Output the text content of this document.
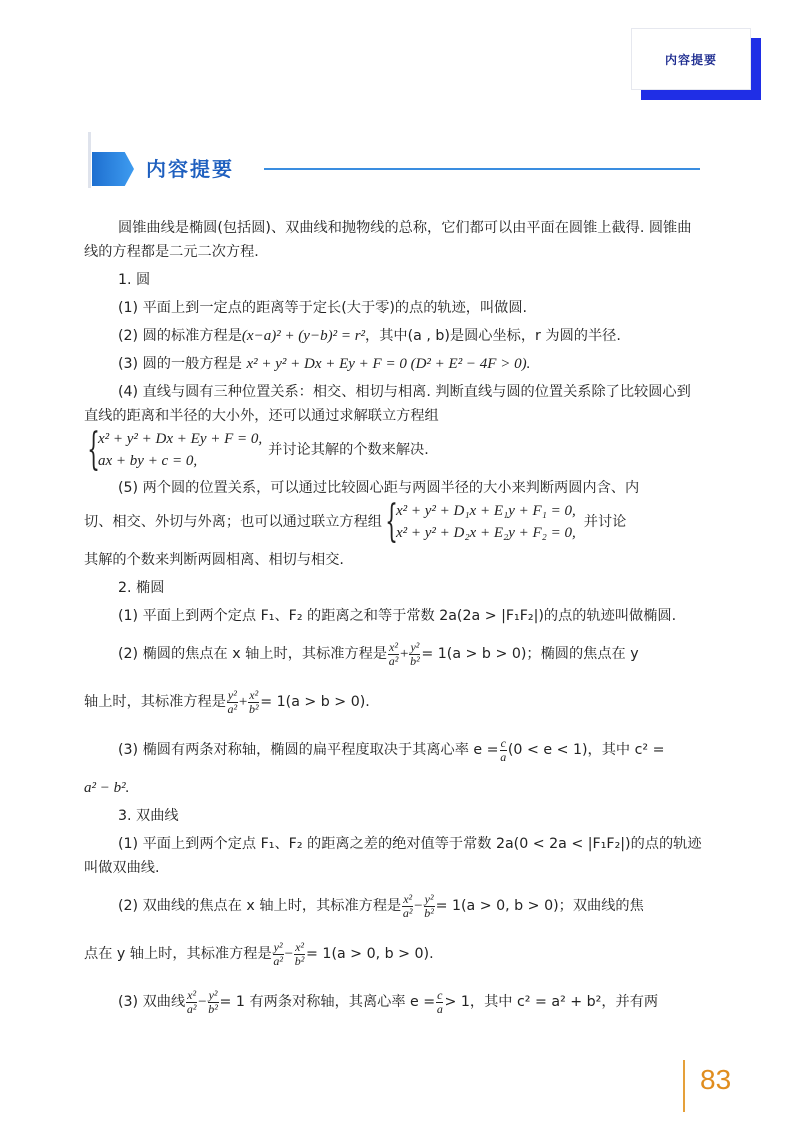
内容提要
内容提要

圆锥曲线是椭圆(包括圆)、双曲线和抛物线的总称，它们都可以由平面在圆锥上截得. 圆锥曲线的方程都是二元二次方程.

1. 圆

(1) 平面上到一定点的距离等于定长(大于零)的点的轨迹，叫做圆.

(2) 圆的标准方程是(x−a)² + (y−b)² = r²，其中(a , b)是圆心坐标，r 为圆的半径.

(3) 圆的一般方程是 x² + y² + Dx + Ey + F = 0 (D² + E² − 4F > 0).

(4) 直线与圆有三种位置关系：相交、相切与相离. 判断直线与圆的位置关系除了比较圆心到直线的距离和半径的大小外，还可以通过求解联立方程组

{
x² + y² + Dx + Ey + F = 0,
ax + by + c = 0,
并讨论其解的个数来解决.

(5) 两个圆的位置关系，可以通过比较圆心距与两圆半径的大小来判断两圆内含、内

切、相交、外切与外离；也可以通过联立方程组 {
x² + y² + D₁x + E₁y + F₁ = 0,
x² + y² + D₂x + E₂y + F₂ = 0,
并讨论

其解的个数来判断两圆相离、相切与相交.

2. 椭圆

(1) 平面上到两个定点 F₁、F₂ 的距离之和等于常数 2a(2a > |F₁F₂|)的点的轨迹叫做椭圆.

(2) 椭圆的焦点在 x 轴上时，其标准方程是 $\frac{\text{x²}}{\text{a²}} + \frac{\text{y²}}{\text{b²}} = 1(a > b > 0)$；椭圆的焦点在 y
轴上时，其标准方程是 $\frac{\text{y²}}{\text{a²}} + \frac{\text{x²}}{\text{b²}} = 1(a > b > 0)$.
(3) 椭圆有两条对称轴，椭圆的扁平程度取决于其离心率 $e = \frac{c}{a} (0 < e < 1)$，其中 c² =

a² − b².

3. 双曲线

(1) 平面上到两个定点 F₁、F₂ 的距离之差的绝对值等于常数 2a(0 < 2a < |F₁F₂|)的点的轨迹叫做双曲线.

(2) 双曲线的焦点在 x 轴上时，其标准方程是 $\frac{\text{x²}}{\text{a²}} - \frac{\text{y²}}{\text{b²}} = 1(a > 0$, b > 0)；双曲线的焦
点在 y 轴上时，其标准方程是 $\frac{\text{y²}}{\text{a²}} - \frac{\text{x²}}{\text{b²}} = 1(a > 0$, b > 0).
(3) 双曲线 $\frac{\text{x²}}{\text{a²}} - \frac{\text{y²}}{\text{b²}} = 1$ 有两条对称轴，其离心率 $e = \frac{c}{a} > 1$，其中 c² = a² + b²，并有两
83
